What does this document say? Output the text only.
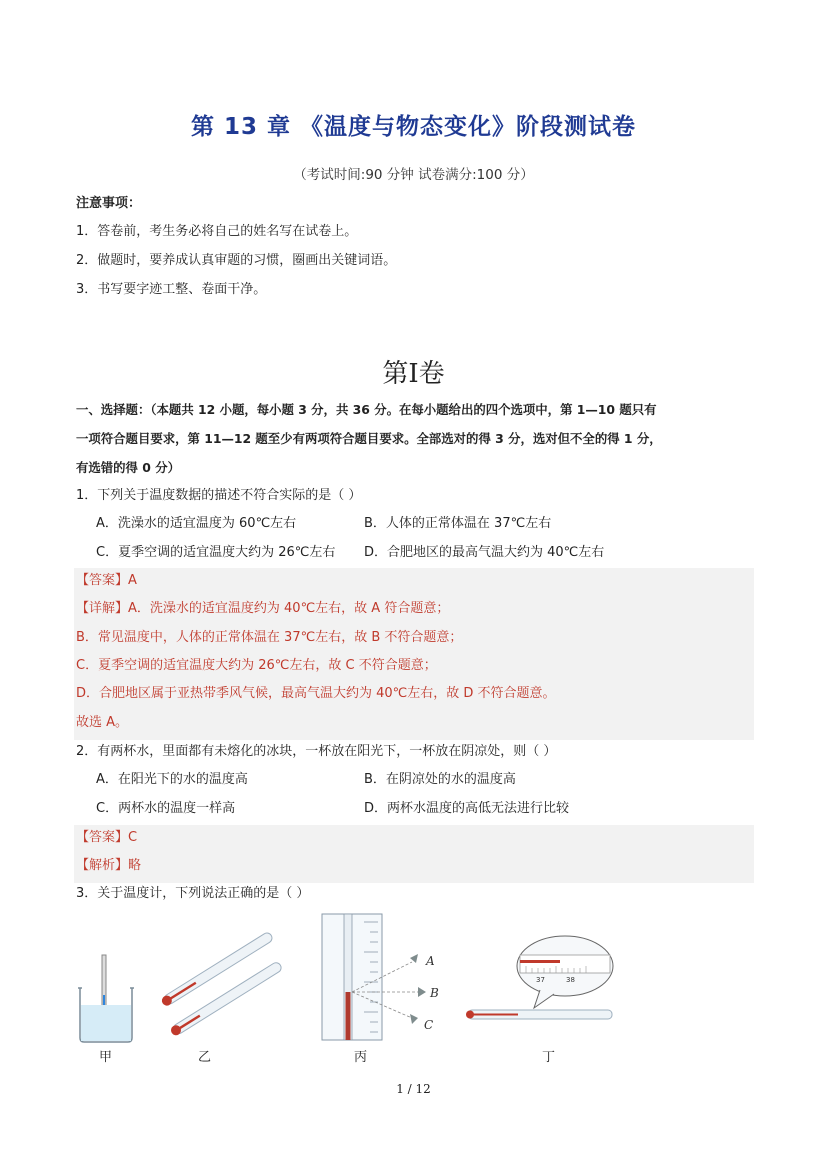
第 13 章 《温度与物态变化》阶段测试卷
（考试时间:90 分钟 试卷满分:100 分）
注意事项：
1．答卷前，考生务必将自己的姓名写在试卷上。
2．做题时，要养成认真审题的习惯，圈画出关键词语。
3．书写要字迹工整、卷面干净。
第I卷
一、选择题：（本题共 12 小题，每小题 3 分，共 36 分。在每小题给出的四个选项中，第 1—10 题只有
一项符合题目要求，第 11—12 题至少有两项符合题目要求。全部选对的得 3 分，选对但不全的得 1 分，
有选错的得 0 分）
1．下列关于温度数据的描述不符合实际的是（ ）
A．洗澡水的适宜温度为 60℃左右	B．人体的正常体温在 37℃左右
C．夏季空调的适宜温度大约为 26℃左右 D．合肥地区的最高气温大约为 40℃左右
【答案】A
【详解】A．洗澡水的适宜温度约为 40℃左右，故 A 符合题意；
B．常见温度中，人体的正常体温在 37℃左右，故 B 不符合题意；
C．夏季空调的适宜温度大约为 26℃左右，故 C 不符合题意；
D．合肥地区属于亚热带季风气候，最高气温大约为 40℃左右，故 D 不符合题意。
故选 A。
2．有两杯水，里面都有未熔化的冰块，一杯放在阳光下，一杯放在阴凉处，则（ ）
A．在阳光下的水的温度高	B．在阴凉处的水的温度高
C．两杯水的温度一样高	D．两杯水温度的高低无法进行比较
【答案】C
【解析】略
3．关于温度计，下列说法正确的是（ ）
甲	乙
A
B
C
丙
37	38
丁
1 / 12
